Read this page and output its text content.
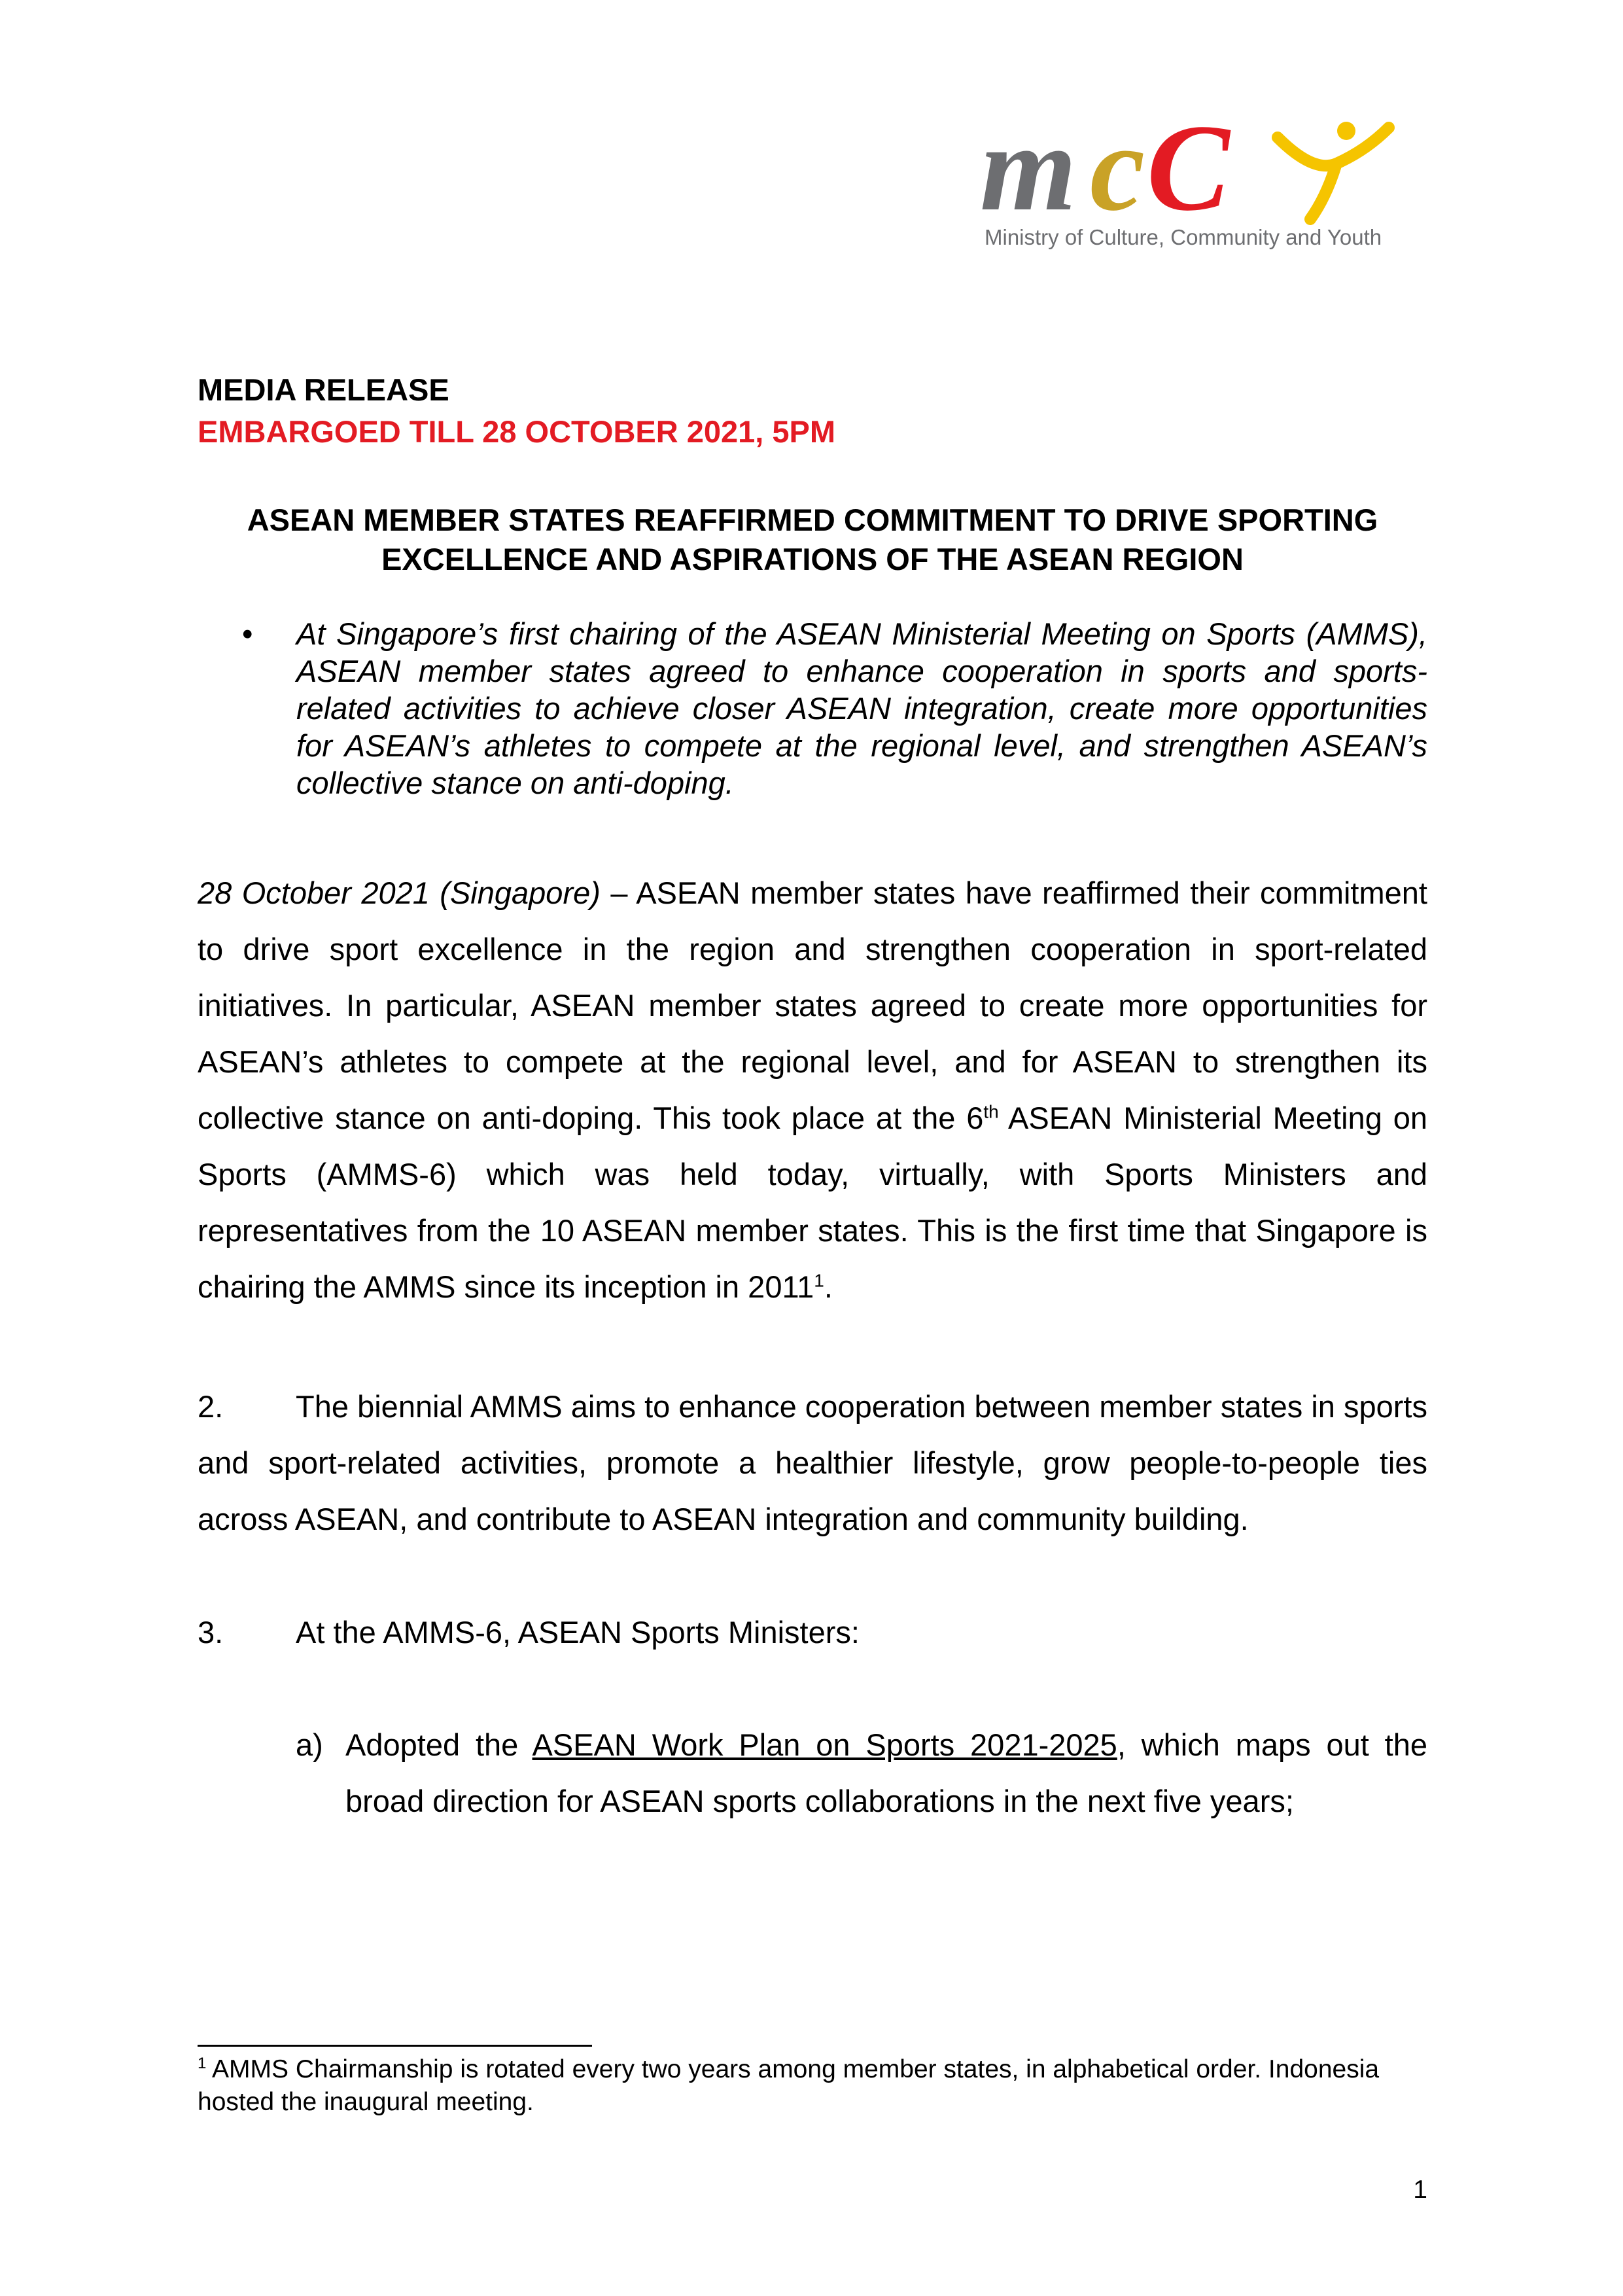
m c C
Ministry of Culture, Community and Youth
MEDIA RELEASE
EMBARGOED TILL 28 OCTOBER 2021, 5PM
ASEAN MEMBER STATES REAFFIRMED COMMITMENT TO DRIVE SPORTING
EXCELLENCE AND ASPIRATIONS OF THE ASEAN REGION
• At Singapore’s first chairing of the ASEAN Ministerial Meeting on Sports (AMMS), ASEAN member states agreed to enhance cooperation in sports and sports-related activities to achieve closer ASEAN integration, create more opportunities for ASEAN’s athletes to compete at the regional level, and strengthen ASEAN’s collective stance on anti-doping.

28 October 2021 (Singapore) – ASEAN member states have reaffirmed their commitment to drive sport excellence in the region and strengthen cooperation in sport-related initiatives. In particular, ASEAN member states agreed to create more opportunities for ASEAN’s athletes to compete at the regional level, and for ASEAN to strengthen its collective stance on anti-doping. This took place at the 6th ASEAN Ministerial Meeting on Sports (AMMS-6) which was held today, virtually, with Sports Ministers and representatives from the 10 ASEAN member states. This is the first time that Singapore is chairing the AMMS since its inception in 2011$^1$.

2. The biennial AMMS aims to enhance cooperation between member states in sports and sport-related activities, promote a healthier lifestyle, grow people-to-people ties across ASEAN, and contribute to ASEAN integration and community building.

3. At the AMMS-6, ASEAN Sports Ministers:

a) Adopted the ASEAN Work Plan on Sports 2021-2025, which maps out the broad direction for ASEAN sports collaborations in the next five years;
$^1$ AMMS Chairmanship is rotated every two years among member states, in alphabetical order. Indonesia hosted the inaugural meeting.
1
